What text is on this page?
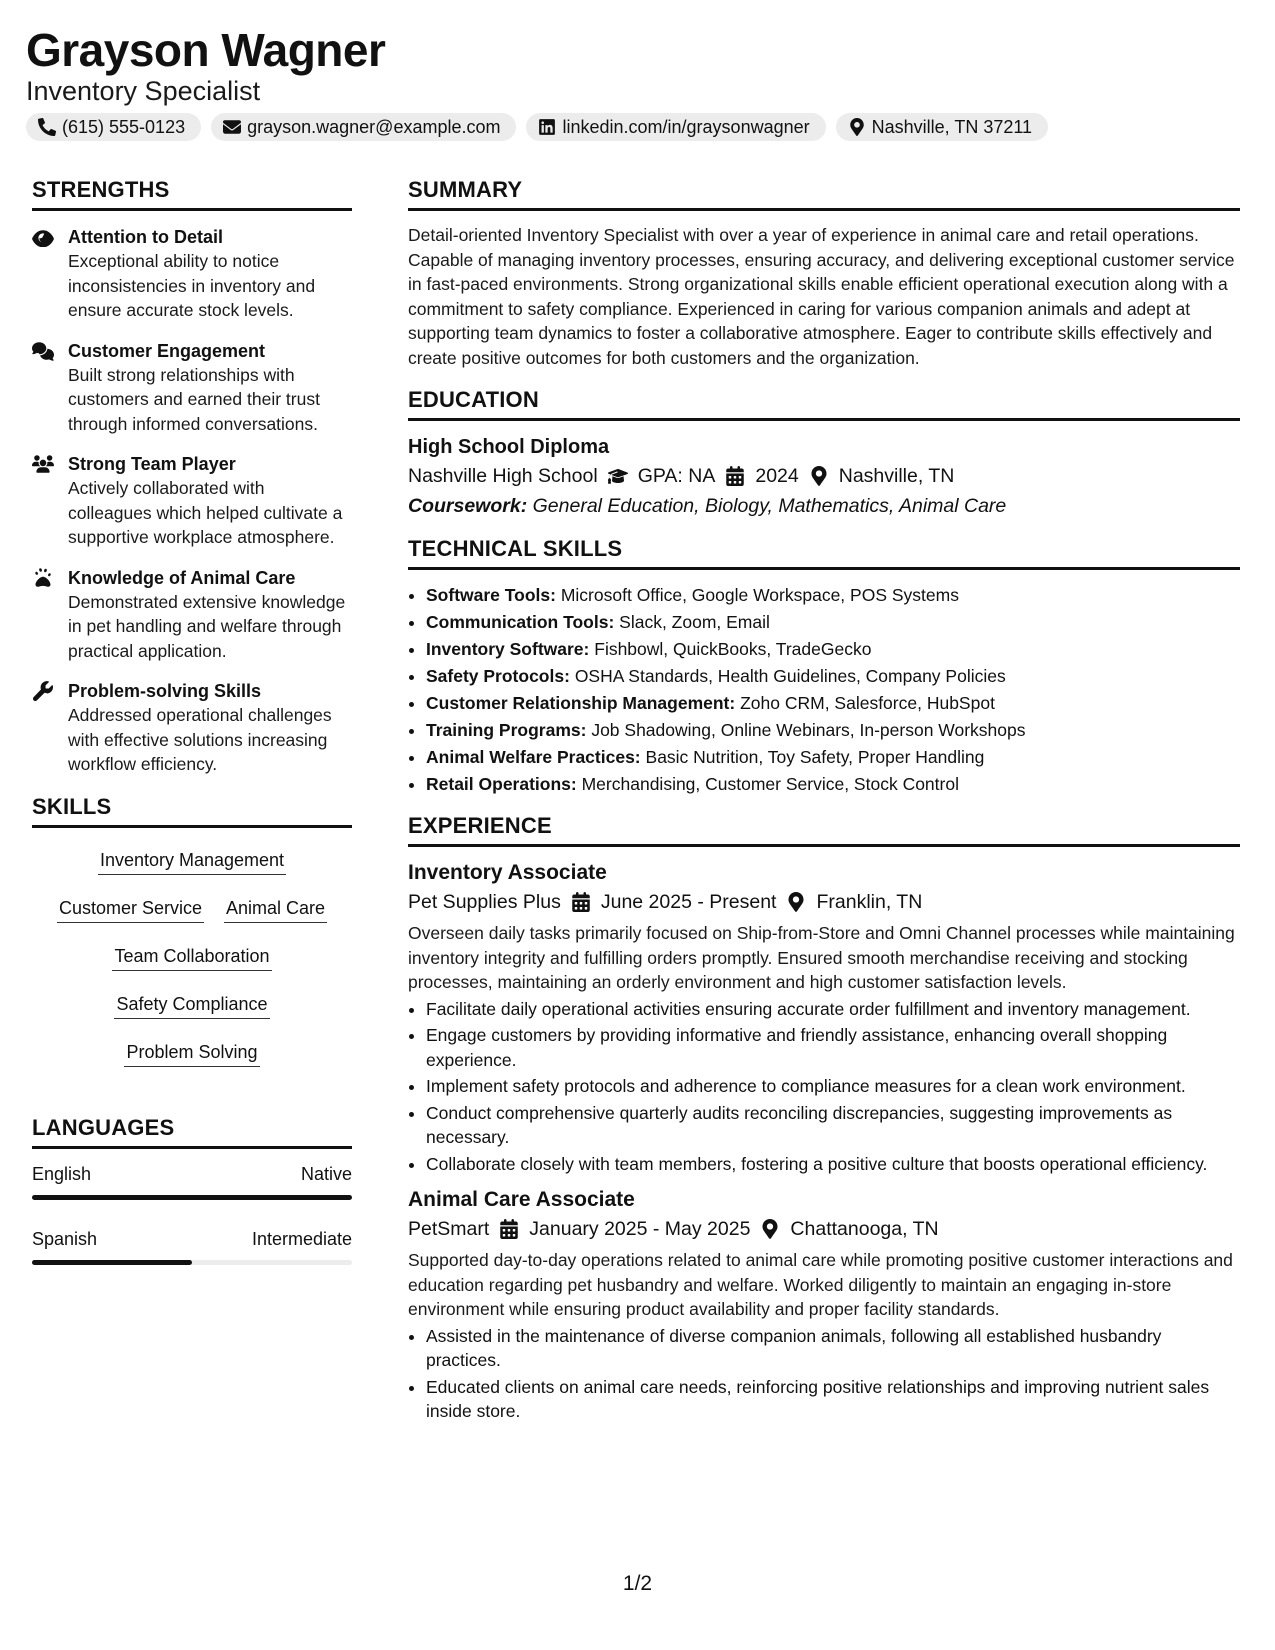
Grayson Wagner
Inventory Specialist
(615) 555-0123	grayson.wagner@example.com	linkedin.com/in/graysonwagner	Nashville, TN 37211
STRENGTHS
Attention to Detail
Exceptional ability to notice inconsistencies in inventory and ensure accurate stock levels.
Customer Engagement
Built strong relationships with customers and earned their trust through informed conversations.
Strong Team Player
Actively collaborated with colleagues which helped cultivate a supportive workplace atmosphere.
Knowledge of Animal Care
Demonstrated extensive knowledge in pet handling and welfare through practical application.
Problem-solving Skills
Addressed operational challenges with effective solutions increasing workflow efficiency.
SKILLS
Inventory Management
Customer Service Animal Care
Team Collaboration
Safety Compliance
Problem Solving
LANGUAGES
English	Native
Spanish	Intermediate
SUMMARY
Detail-oriented Inventory Specialist with over a year of experience in animal care and retail operations. Capable of managing inventory processes, ensuring accuracy, and delivering exceptional customer service in fast-paced environments. Strong organizational skills enable efficient operational execution along with a commitment to safety compliance. Experienced in caring for various companion animals and adept at supporting team dynamics to foster a collaborative atmosphere. Eager to contribute skills effectively and create positive outcomes for both customers and the organization.
EDUCATION
High School Diploma
Nashville High School GPA: NA 2024 Nashville, TN
Coursework: General Education, Biology, Mathematics, Animal Care
TECHNICAL SKILLS
• Software Tools: Microsoft Office, Google Workspace, POS Systems
• Communication Tools: Slack, Zoom, Email
• Inventory Software: Fishbowl, QuickBooks, TradeGecko
• Safety Protocols: OSHA Standards, Health Guidelines, Company Policies
• Customer Relationship Management: Zoho CRM, Salesforce, HubSpot
• Training Programs: Job Shadowing, Online Webinars, In-person Workshops
• Animal Welfare Practices: Basic Nutrition, Toy Safety, Proper Handling
• Retail Operations: Merchandising, Customer Service, Stock Control
EXPERIENCE
Inventory Associate
Pet Supplies Plus June 2025 - Present Franklin, TN
Overseen daily tasks primarily focused on Ship-from-Store and Omni Channel processes while maintaining inventory integrity and fulfilling orders promptly. Ensured smooth merchandise receiving and stocking processes, maintaining an orderly environment and high customer satisfaction levels.
• Facilitate daily operational activities ensuring accurate order fulfillment and inventory management.
• Engage customers by providing informative and friendly assistance, enhancing overall shopping experience.
• Implement safety protocols and adherence to compliance measures for a clean work environment.
• Conduct comprehensive quarterly audits reconciling discrepancies, suggesting improvements as necessary.
• Collaborate closely with team members, fostering a positive culture that boosts operational efficiency.
Animal Care Associate
PetSmart January 2025 - May 2025 Chattanooga, TN
Supported day-to-day operations related to animal care while promoting positive customer interactions and education regarding pet husbandry and welfare. Worked diligently to maintain an engaging in-store environment while ensuring product availability and proper facility standards.
• Assisted in the maintenance of diverse companion animals, following all established husbandry practices.
• Educated clients on animal care needs, reinforcing positive relationships and improving nutrient sales inside store.
1/2
